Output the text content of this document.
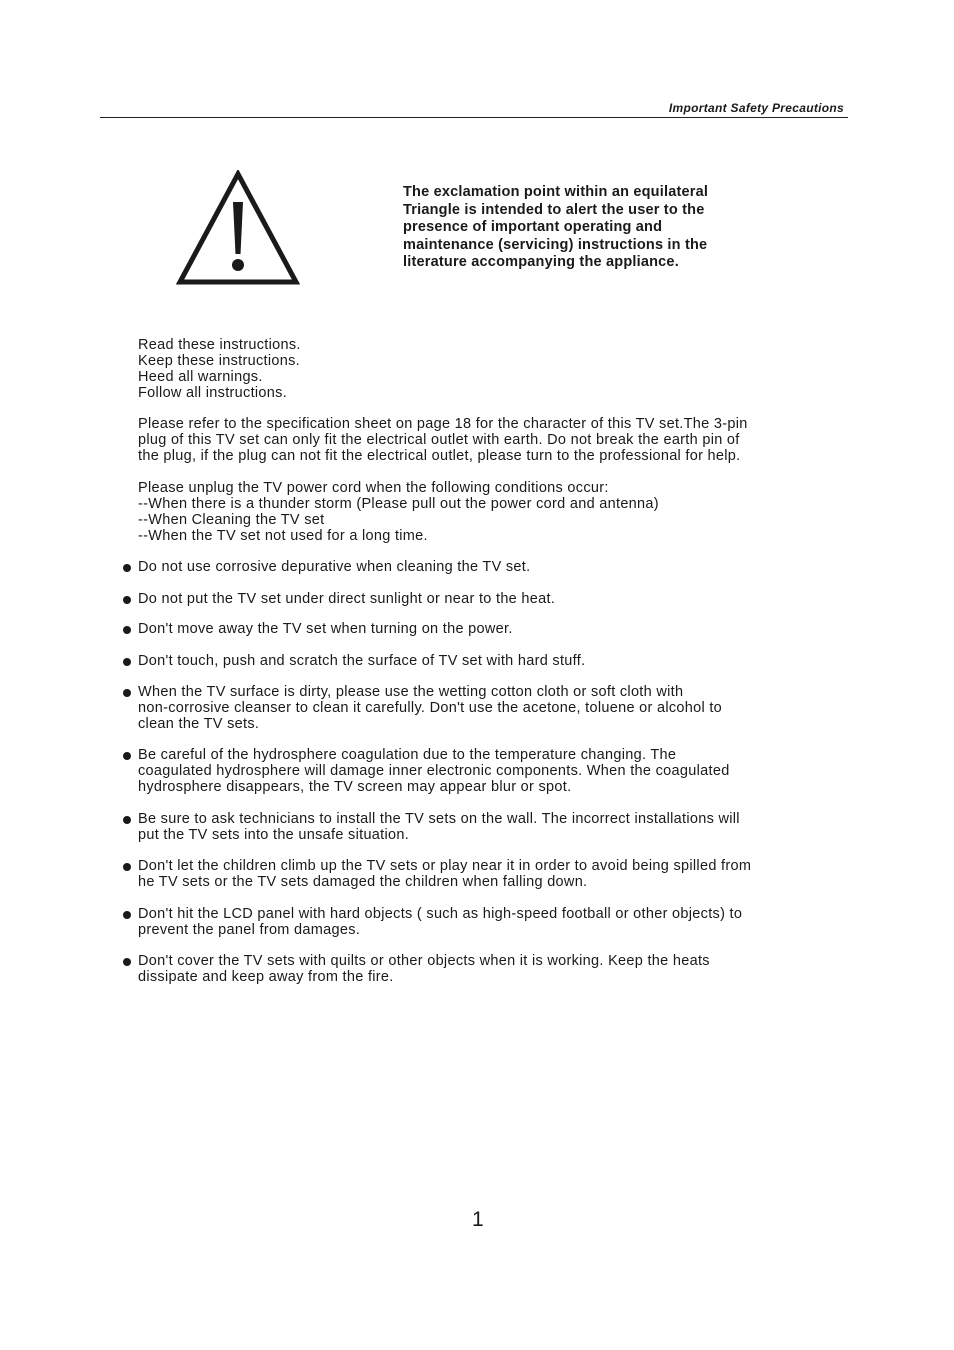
Important Safety Precautions
The exclamation point within an equilateral
Triangle is intended to alert the user to the
presence of important operating and
maintenance (servicing) instructions in the
literature accompanying the appliance.
Read these instructions.
Keep these instructions.
Heed all warnings.
Follow all instructions.
Please refer to the specification sheet on page 18 for the character of this TV set.The 3-pin
plug of this TV set can only fit the electrical outlet with earth. Do not break the earth pin of
the plug, if the plug can not fit the electrical outlet, please turn to the professional for help.
Please unplug the TV power cord when the following conditions occur:
--When there is a thunder storm (Please pull out the power cord and antenna)
--When Cleaning the TV set
--When the TV set not used for a long time.
Do not use corrosive depurative when cleaning the TV set.
Do not put the TV set under direct sunlight or near to the heat.
Don't move away the TV set when turning on the power.
Don't touch, push and scratch the surface of TV set with hard stuff.
When the TV surface is dirty, please use the wetting cotton cloth or soft cloth with
non-corrosive cleanser to clean it carefully. Don't use the acetone, toluene or alcohol to
clean the TV sets.
Be careful of the hydrosphere coagulation due to the temperature changing. The
coagulated hydrosphere will damage inner electronic components. When the coagulated
hydrosphere disappears, the TV screen may appear blur or spot.
Be sure to ask technicians to install the TV sets on the wall. The incorrect installations will
put the TV sets into the unsafe situation.
Don't let the children climb up the TV sets or play near it in order to avoid being spilled from
he TV sets or the TV sets damaged the children when falling down.
Don't hit the LCD panel with hard objects ( such as high-speed football or other objects) to
prevent the panel from damages.
Don't cover the TV sets with quilts or other objects when it is working. Keep the heats
dissipate and keep away from the fire.
1
